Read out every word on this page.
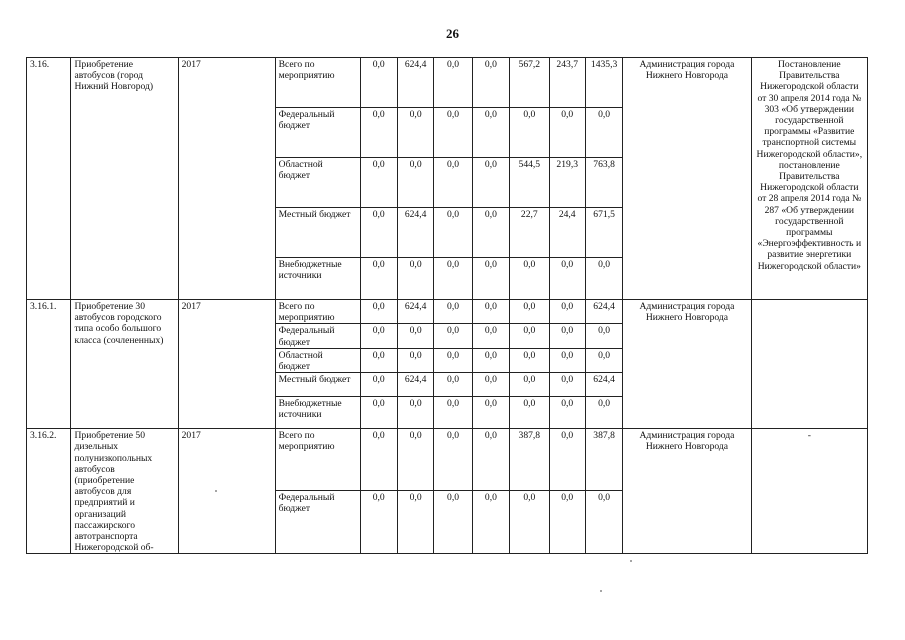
26
3.16.	Приобретение автобусов (город Нижний Новгород)	2017	Всего по мероприятию	0,0	624,4	0,0	0,0	567,2	243,7	1435,3	Администрация города Нижнего Новгорода	Постановление Правительства Нижегородской области от 30 апреля 2014 года № 303 «Об утверждении государственной программы «Развитие транспортной системы Нижегородской области», постановление Правительства Нижегородской области от 28 апреля 2014 года № 287 «Об утверждении государственной программы «Энергоэффективность и развитие энергетики Нижегородской области»
			Федеральный бюджет	0,0	0,0	0,0	0,0	0,0	0,0	0,0		
			Областной бюджет	0,0	0,0	0,0	0,0	544,5	219,3	763,8		
			Местный бюджет	0,0	624,4	0,0	0,0	22,7	24,4	671,5		
			Внебюджетные источники	0,0	0,0	0,0	0,0	0,0	0,0	0,0		
3.16.1.	Приобретение 30 автобусов городского типа особо большого класса (сочлененных)	2017	Всего по мероприятию	0,0	624,4	0,0	0,0	0,0	0,0	624,4	Администрация города Нижнего Новгорода	
			Федеральный бюджет	0,0	0,0	0,0	0,0	0,0	0,0	0,0		
			Областной бюджет	0,0	0,0	0,0	0,0	0,0	0,0	0,0		
			Местный бюджет	0,0	624,4	0,0	0,0	0,0	0,0	624,4		
			Внебюджетные источники	0,0	0,0	0,0	0,0	0,0	0,0	0,0		
3.16.2.	Приобретение 50 дизельных полунизкопольных автобусов (приобретение автобусов для предприятий и организаций пассажирского автотранспорта Нижегородской об-	2017	Всего по мероприятию	0,0	0,0	0,0	0,0	387,8	0,0	387,8	Администрация города Нижнего Новгорода	-
			Федеральный бюджет	0,0	0,0	0,0	0,0	0,0	0,0	0,0		
